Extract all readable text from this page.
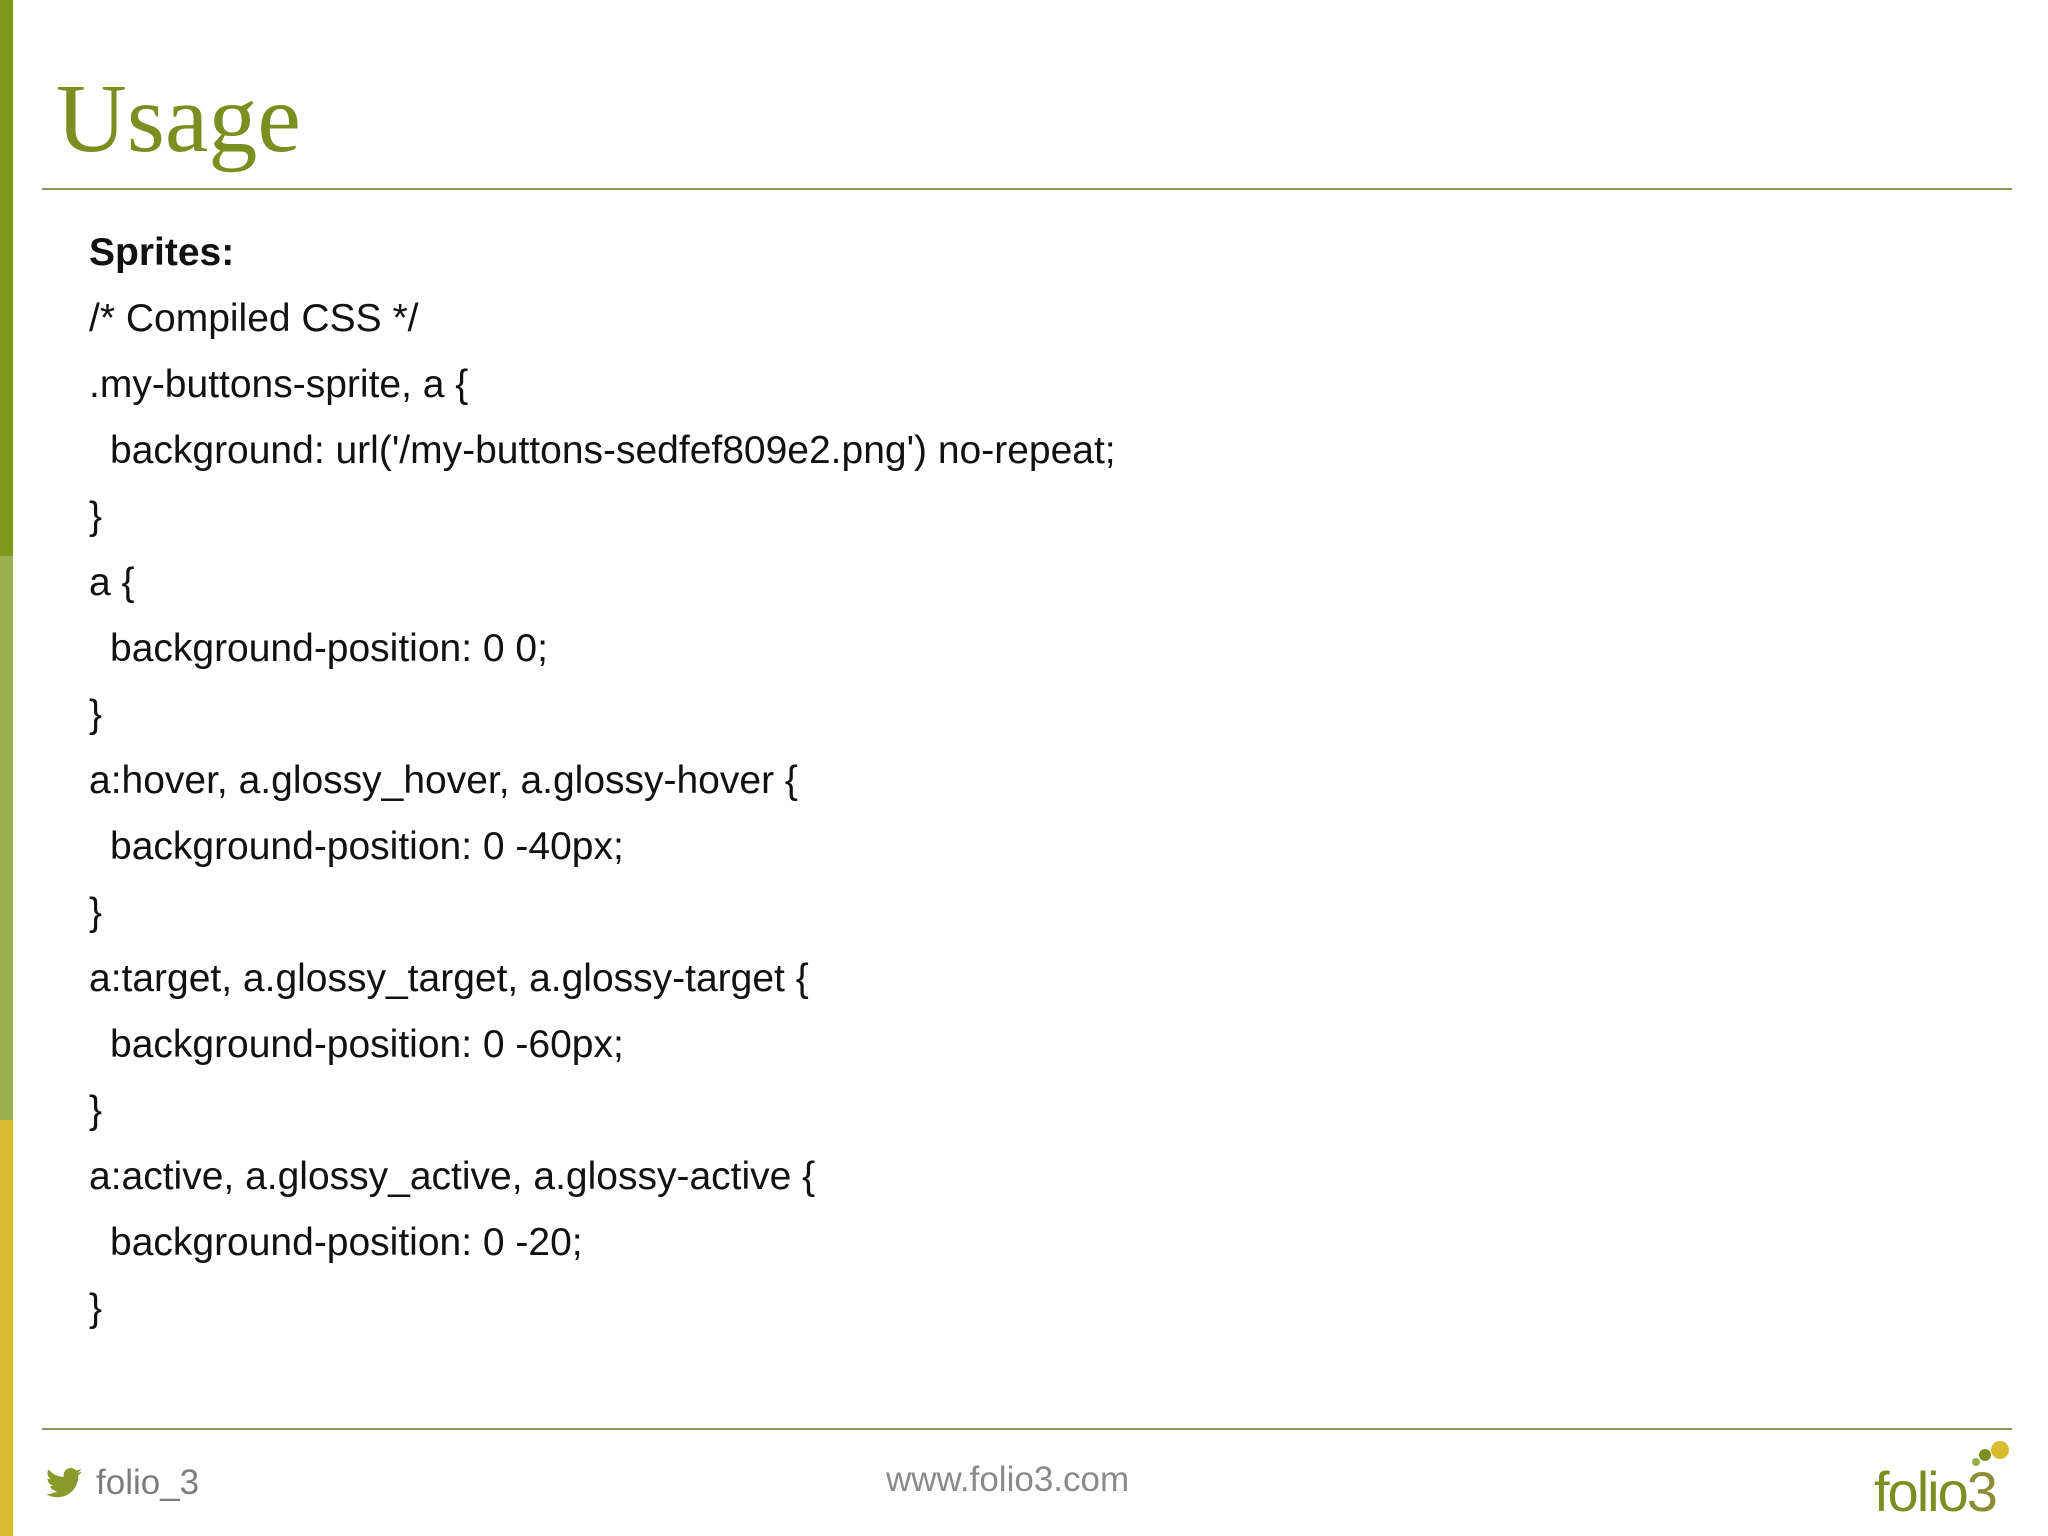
Usage
Sprites:
/* Compiled CSS */
.my-buttons-sprite, a {
background: url('/my-buttons-sedfef809e2.png') no-repeat;
}
a {
background-position: 0 0;
}
a:hover, a.glossy_hover, a.glossy-hover {
background-position: 0 -40px;
}
a:target, a.glossy_target, a.glossy-target {
background-position: 0 -60px;
}
a:active, a.glossy_active, a.glossy-active {
background-position: 0 -20;
}
folio_3	www.folio3.com	folio3
